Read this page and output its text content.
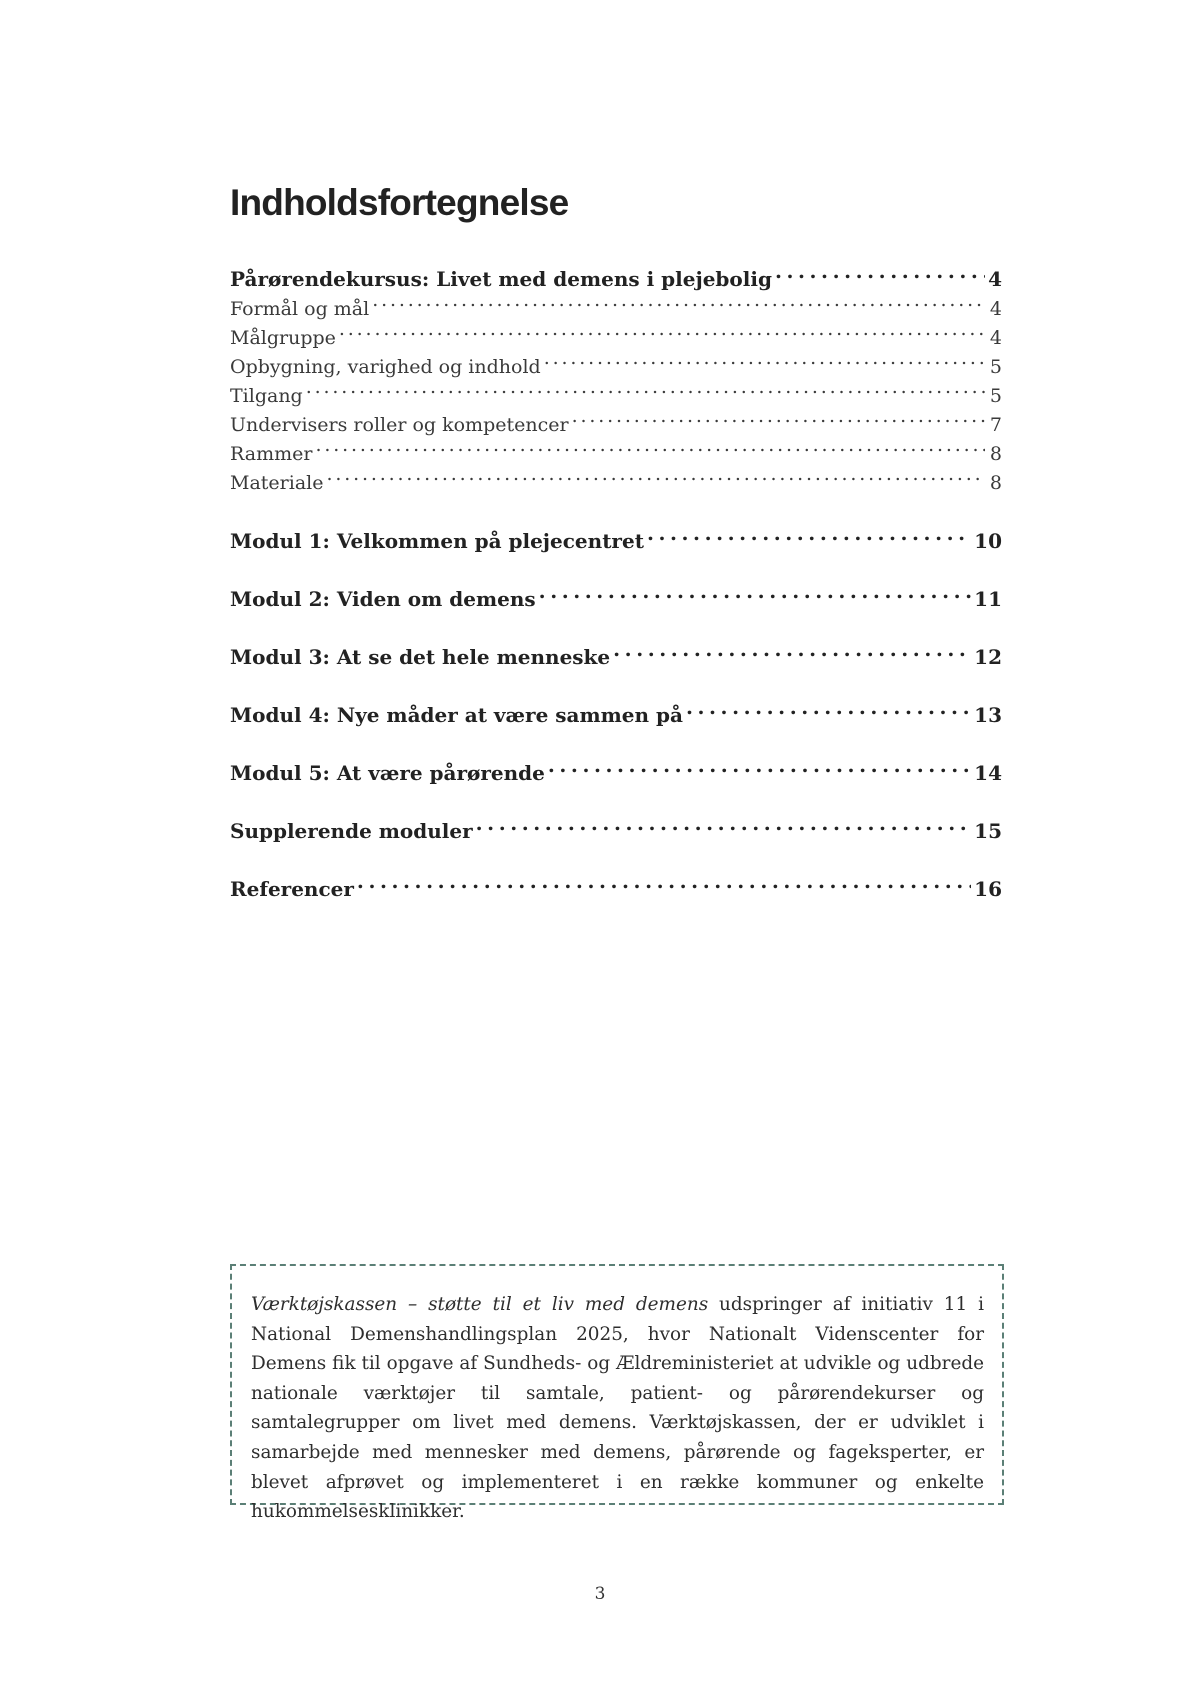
Indholdsfortegnelse
Pårørendekursus: Livet med demens i plejebolig . . .	4
Formål og mål . . .	4
Målgruppe . . .	4
Opbygning, varighed og indhold . . .	5
Tilgang . . .	5
Undervisers roller og kompetencer . . .	7
Rammer . . .	8
Materiale . . .	8
Modul 1: Velkommen på plejecentret . . .	10
Modul 2: Viden om demens . . .	11
Modul 3: At se det hele menneske . . .	12
Modul 4: Nye måder at være sammen på . . .	13
Modul 5: At være pårørende . . .	14
Supplerende moduler . . .	15
Referencer . . .	16
Værktøjskassen – støtte til et liv med demens udspringer af initiativ 11 i National Demenshandlingsplan 2025, hvor Nationalt Videnscenter for Demens fik til opgave af Sundheds- og Ældreministeriet at udvikle og udbrede nationale værktøjer til samtale, patient- og pårørendekurser og samtalegrupper om livet med demens. Værktøjskassen, der er udviklet i samarbejde med mennesker med demens, pårørende og fageksperter, er blevet afprøvet og implementeret i en række kommuner og enkelte hukommelsesklinikker.
3
